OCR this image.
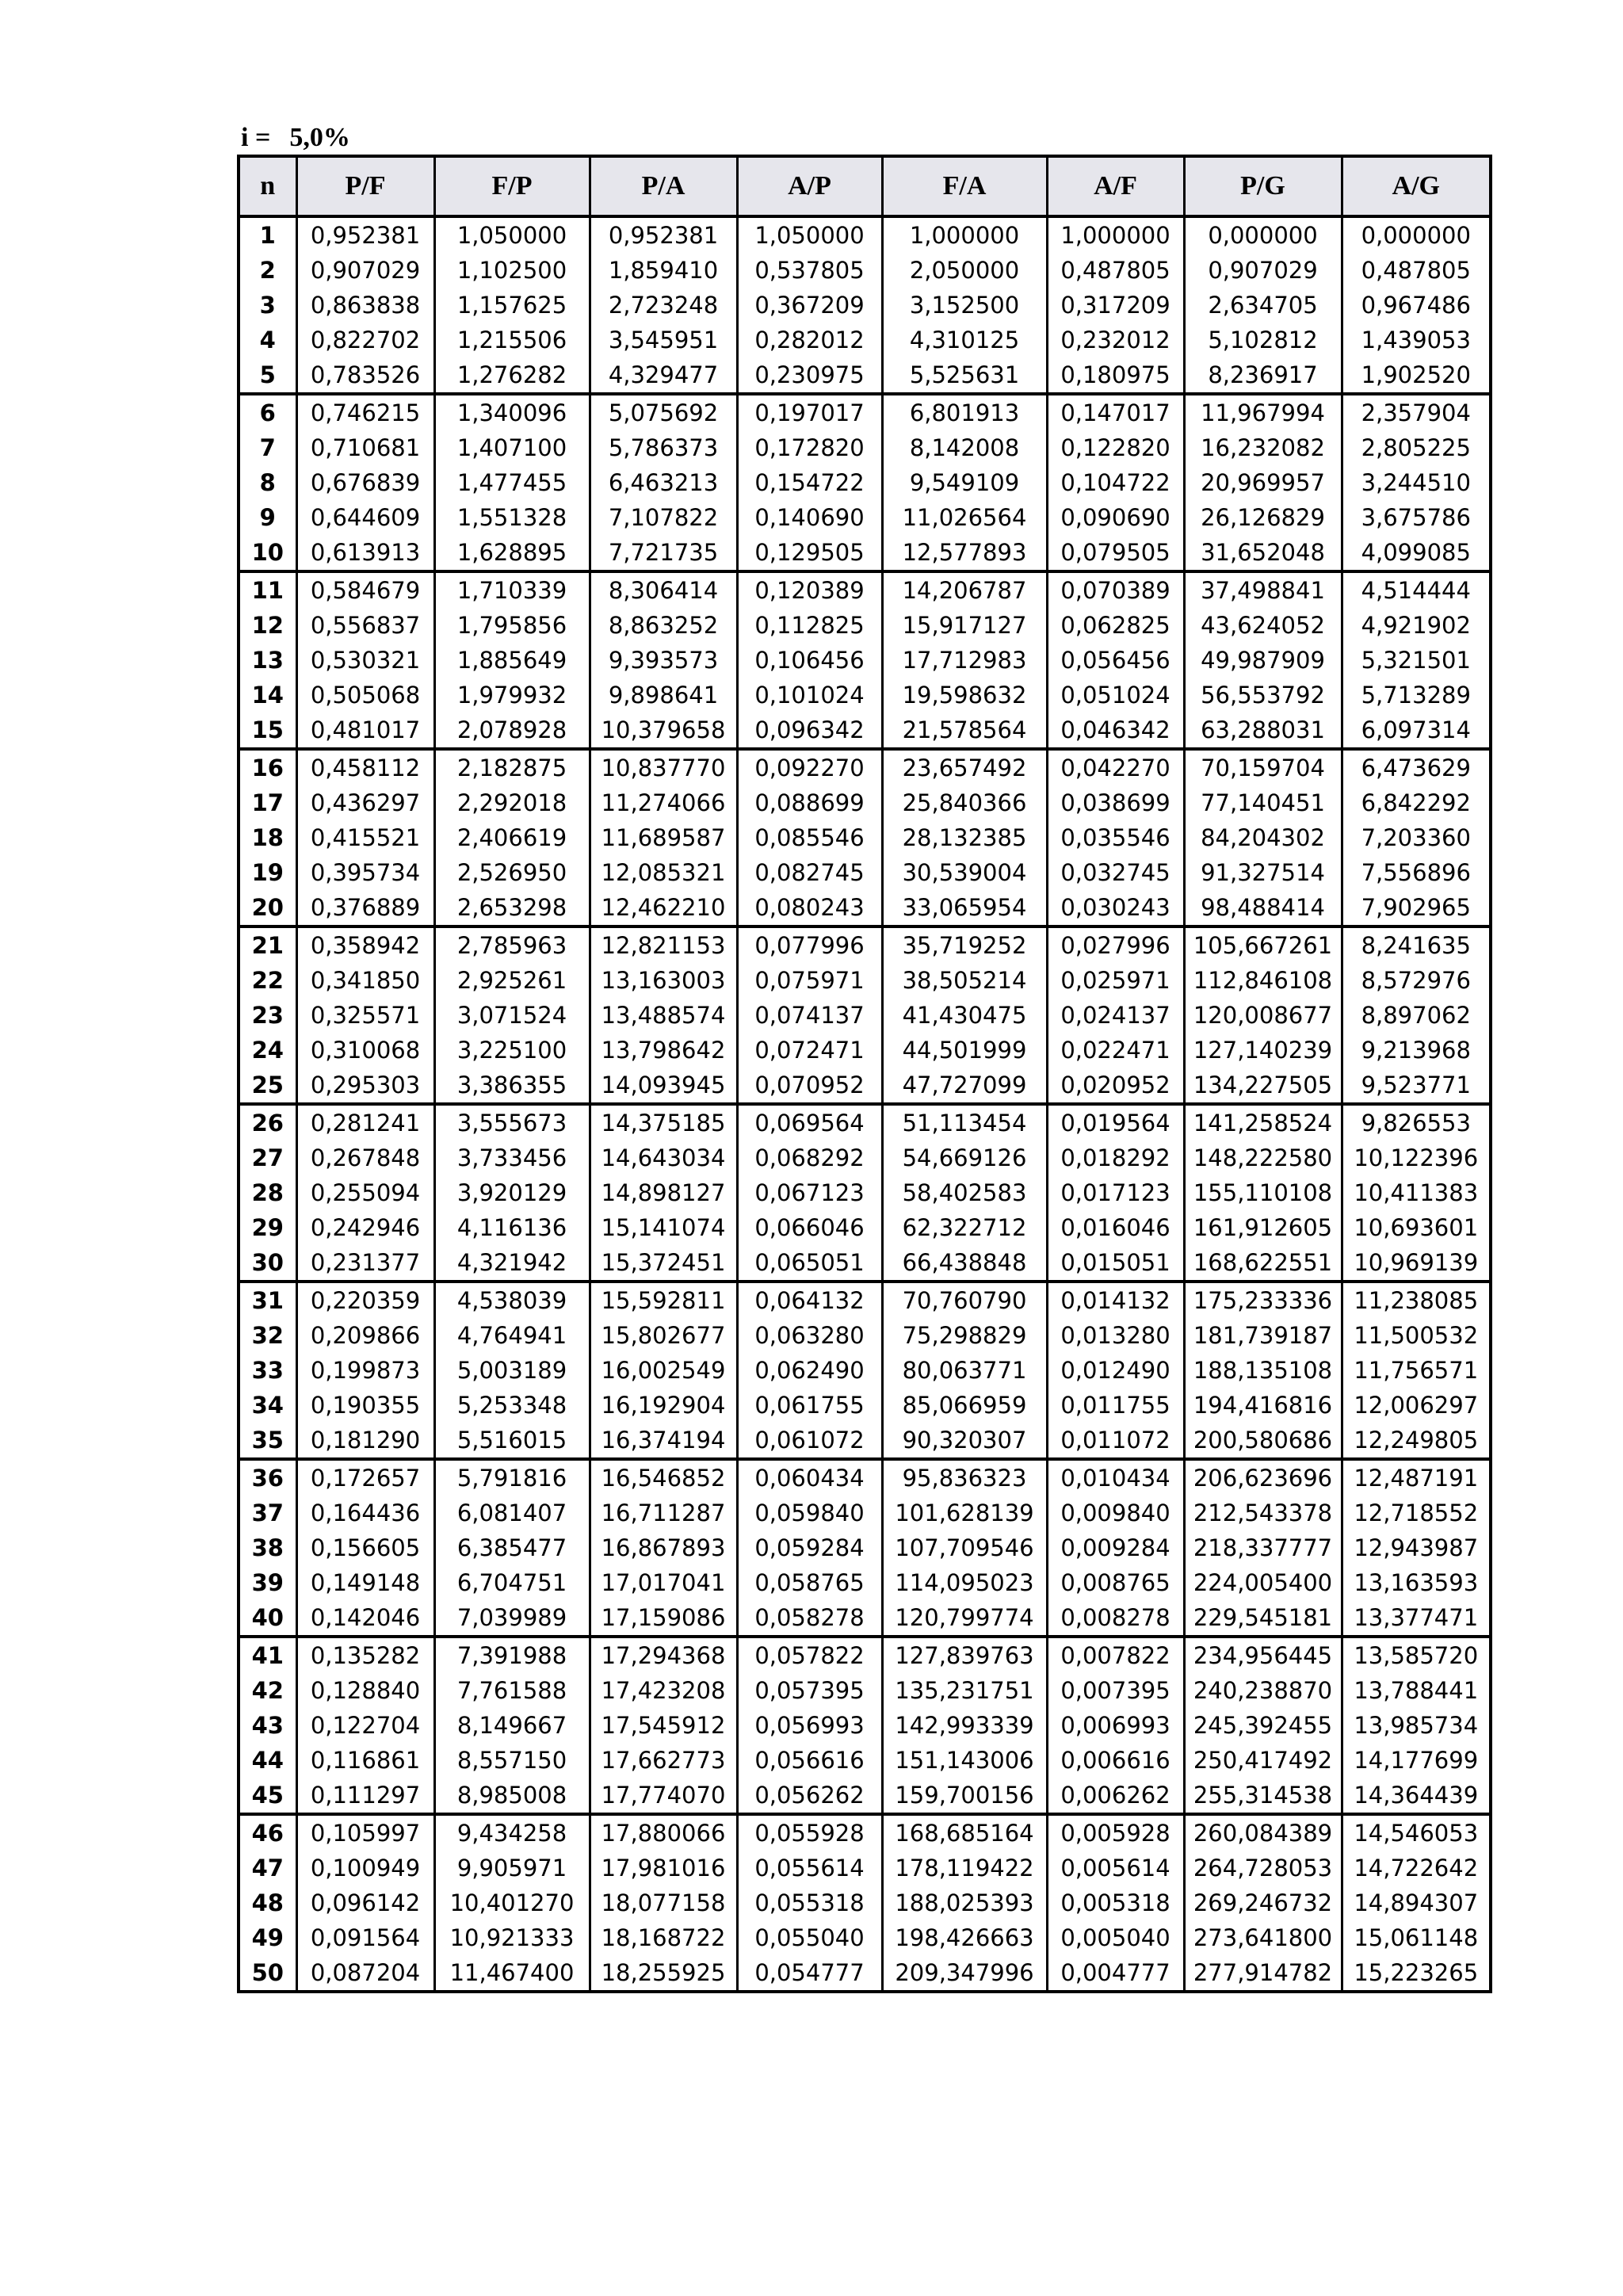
i = 5,0%
n	P/F	F/P	P/A	A/P	F/A	A/F	P/G	A/G
1	0,952381	1,050000	0,952381	1,050000	1,000000	1,000000	0,000000	0,000000
2	0,907029	1,102500	1,859410	0,537805	2,050000	0,487805	0,907029	0,487805
3	0,863838	1,157625	2,723248	0,367209	3,152500	0,317209	2,634705	0,967486
4	0,822702	1,215506	3,545951	0,282012	4,310125	0,232012	5,102812	1,439053
5	0,783526	1,276282	4,329477	0,230975	5,525631	0,180975	8,236917	1,902520
6	0,746215	1,340096	5,075692	0,197017	6,801913	0,147017	11,967994	2,357904
7	0,710681	1,407100	5,786373	0,172820	8,142008	0,122820	16,232082	2,805225
8	0,676839	1,477455	6,463213	0,154722	9,549109	0,104722	20,969957	3,244510
9	0,644609	1,551328	7,107822	0,140690	11,026564	0,090690	26,126829	3,675786
10	0,613913	1,628895	7,721735	0,129505	12,577893	0,079505	31,652048	4,099085
11	0,584679	1,710339	8,306414	0,120389	14,206787	0,070389	37,498841	4,514444
12	0,556837	1,795856	8,863252	0,112825	15,917127	0,062825	43,624052	4,921902
13	0,530321	1,885649	9,393573	0,106456	17,712983	0,056456	49,987909	5,321501
14	0,505068	1,979932	9,898641	0,101024	19,598632	0,051024	56,553792	5,713289
15	0,481017	2,078928	10,379658	0,096342	21,578564	0,046342	63,288031	6,097314
16	0,458112	2,182875	10,837770	0,092270	23,657492	0,042270	70,159704	6,473629
17	0,436297	2,292018	11,274066	0,088699	25,840366	0,038699	77,140451	6,842292
18	0,415521	2,406619	11,689587	0,085546	28,132385	0,035546	84,204302	7,203360
19	0,395734	2,526950	12,085321	0,082745	30,539004	0,032745	91,327514	7,556896
20	0,376889	2,653298	12,462210	0,080243	33,065954	0,030243	98,488414	7,902965
21	0,358942	2,785963	12,821153	0,077996	35,719252	0,027996	105,667261	8,241635
22	0,341850	2,925261	13,163003	0,075971	38,505214	0,025971	112,846108	8,572976
23	0,325571	3,071524	13,488574	0,074137	41,430475	0,024137	120,008677	8,897062
24	0,310068	3,225100	13,798642	0,072471	44,501999	0,022471	127,140239	9,213968
25	0,295303	3,386355	14,093945	0,070952	47,727099	0,020952	134,227505	9,523771
26	0,281241	3,555673	14,375185	0,069564	51,113454	0,019564	141,258524	9,826553
27	0,267848	3,733456	14,643034	0,068292	54,669126	0,018292	148,222580	10,122396
28	0,255094	3,920129	14,898127	0,067123	58,402583	0,017123	155,110108	10,411383
29	0,242946	4,116136	15,141074	0,066046	62,322712	0,016046	161,912605	10,693601
30	0,231377	4,321942	15,372451	0,065051	66,438848	0,015051	168,622551	10,969139
31	0,220359	4,538039	15,592811	0,064132	70,760790	0,014132	175,233336	11,238085
32	0,209866	4,764941	15,802677	0,063280	75,298829	0,013280	181,739187	11,500532
33	0,199873	5,003189	16,002549	0,062490	80,063771	0,012490	188,135108	11,756571
34	0,190355	5,253348	16,192904	0,061755	85,066959	0,011755	194,416816	12,006297
35	0,181290	5,516015	16,374194	0,061072	90,320307	0,011072	200,580686	12,249805
36	0,172657	5,791816	16,546852	0,060434	95,836323	0,010434	206,623696	12,487191
37	0,164436	6,081407	16,711287	0,059840	101,628139	0,009840	212,543378	12,718552
38	0,156605	6,385477	16,867893	0,059284	107,709546	0,009284	218,337777	12,943987
39	0,149148	6,704751	17,017041	0,058765	114,095023	0,008765	224,005400	13,163593
40	0,142046	7,039989	17,159086	0,058278	120,799774	0,008278	229,545181	13,377471
41	0,135282	7,391988	17,294368	0,057822	127,839763	0,007822	234,956445	13,585720
42	0,128840	7,761588	17,423208	0,057395	135,231751	0,007395	240,238870	13,788441
43	0,122704	8,149667	17,545912	0,056993	142,993339	0,006993	245,392455	13,985734
44	0,116861	8,557150	17,662773	0,056616	151,143006	0,006616	250,417492	14,177699
45	0,111297	8,985008	17,774070	0,056262	159,700156	0,006262	255,314538	14,364439
46	0,105997	9,434258	17,880066	0,055928	168,685164	0,005928	260,084389	14,546053
47	0,100949	9,905971	17,981016	0,055614	178,119422	0,005614	264,728053	14,722642
48	0,096142	10,401270	18,077158	0,055318	188,025393	0,005318	269,246732	14,894307
49	0,091564	10,921333	18,168722	0,055040	198,426663	0,005040	273,641800	15,061148
50	0,087204	11,467400	18,255925	0,054777	209,347996	0,004777	277,914782	15,223265
